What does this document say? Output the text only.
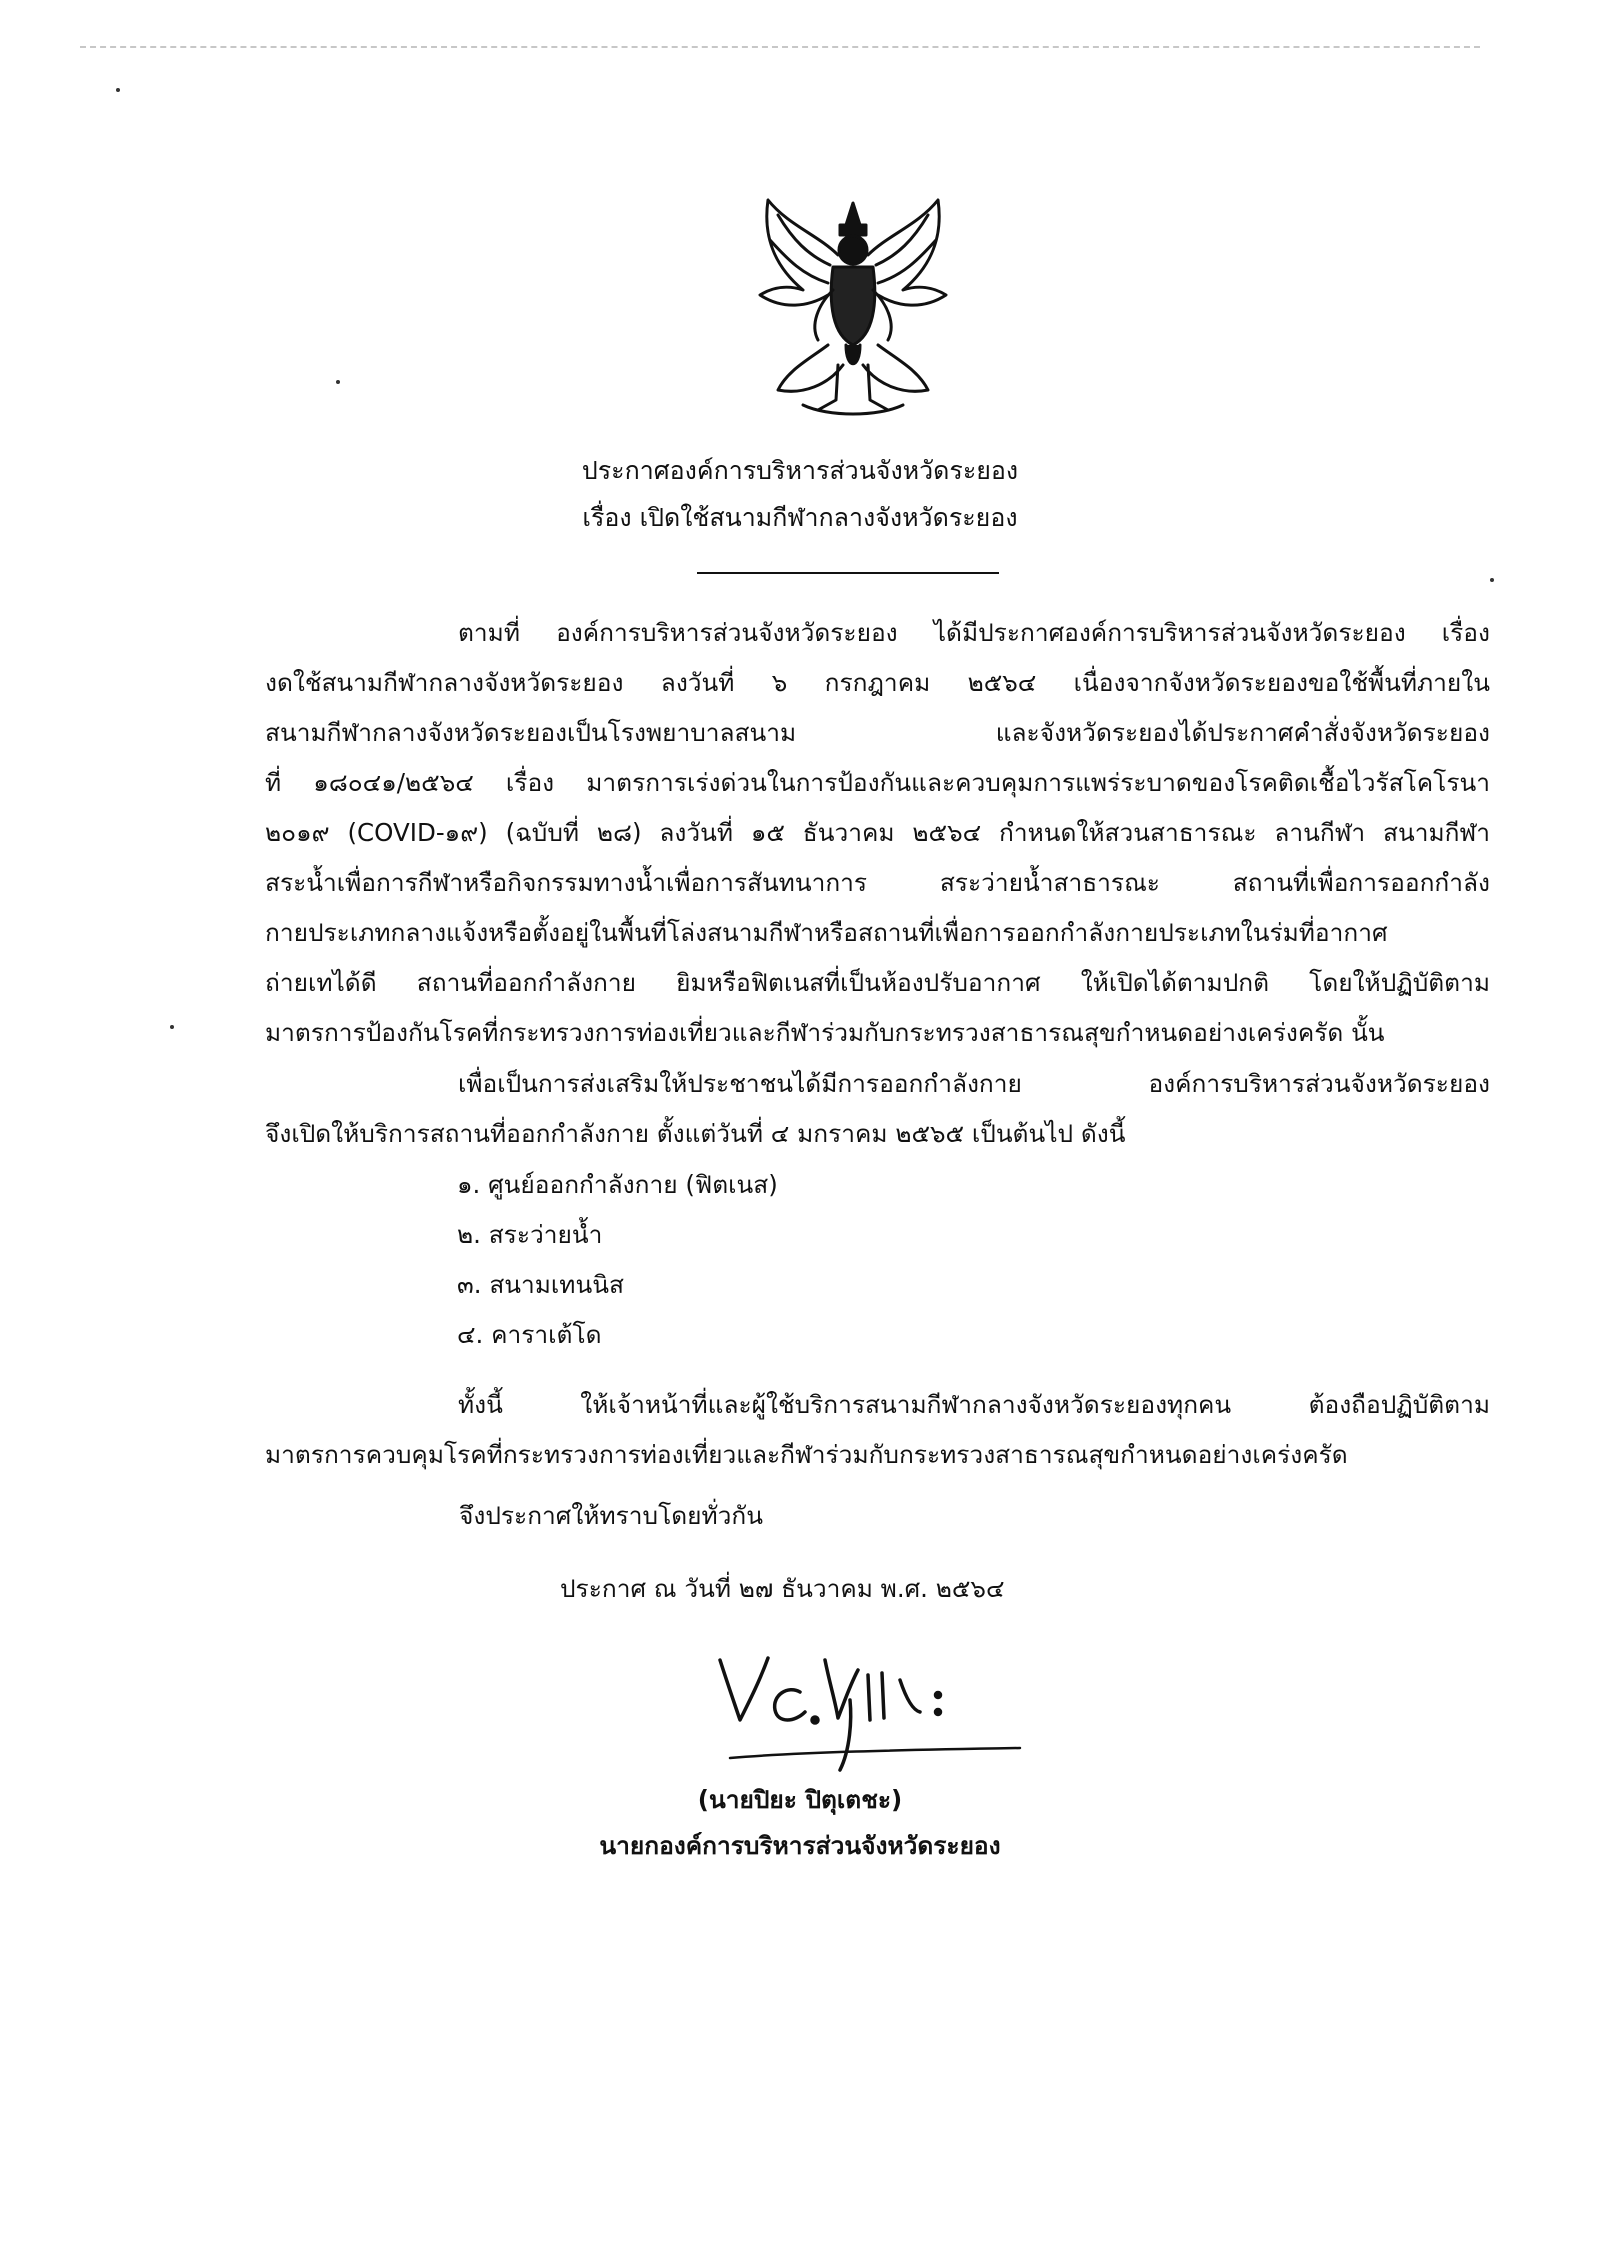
ประกาศองค์การบริหารส่วนจังหวัดระยอง
เรื่อง เปิดใช้สนามกีฬากลางจังหวัดระยอง
ตามที่ องค์การบริหารส่วนจังหวัดระยอง ได้มีประกาศองค์การบริหารส่วนจังหวัดระยอง เรื่อง
งดใช้สนามกีฬากลางจังหวัดระยอง ลงวันที่ ๖ กรกฎาคม ๒๕๖๔ เนื่องจากจังหวัดระยองขอใช้พื้นที่ภายใน
สนามกีฬากลางจังหวัดระยองเป็นโรงพยาบาลสนาม และจังหวัดระยองได้ประกาศคำสั่งจังหวัดระยอง
ที่ ๑๘๐๔๑/๒๕๖๔ เรื่อง มาตรการเร่งด่วนในการป้องกันและควบคุมการแพร่ระบาดของโรคติดเชื้อไวรัสโคโรนา
๒๐๑๙ (COVID-๑๙) (ฉบับที่ ๒๘) ลงวันที่ ๑๕ ธันวาคม ๒๕๖๔ กำหนดให้สวนสาธารณะ ลานกีฬา สนามกีฬา
สระน้ำเพื่อการกีฬาหรือกิจกรรมทางน้ำเพื่อการสันทนาการ สระว่ายน้ำสาธารณะ สถานที่เพื่อการออกกำลัง
กายประเภทกลางแจ้งหรือตั้งอยู่ในพื้นที่โล่งสนามกีฬาหรือสถานที่เพื่อการออกกำลังกายประเภทในร่มที่อากาศ
ถ่ายเทได้ดี สถานที่ออกกำลังกาย ยิมหรือฟิตเนสที่เป็นห้องปรับอากาศ ให้เปิดได้ตามปกติ โดยให้ปฏิบัติตาม
มาตรการป้องกันโรคที่กระทรวงการท่องเที่ยวและกีฬาร่วมกับกระทรวงสาธารณสุขกำหนดอย่างเคร่งครัด นั้น
เพื่อเป็นการส่งเสริมให้ประชาชนได้มีการออกกำลังกาย องค์การบริหารส่วนจังหวัดระยอง
จึงเปิดให้บริการสถานที่ออกกำลังกาย ตั้งแต่วันที่ ๔ มกราคม ๒๕๖๕ เป็นต้นไป ดังนี้
๑. ศูนย์ออกกำลังกาย (ฟิตเนส)
๒. สระว่ายน้ำ
๓. สนามเทนนิส
๔. คาราเต้โด
ทั้งนี้ ให้เจ้าหน้าที่และผู้ใช้บริการสนามกีฬากลางจังหวัดระยองทุกคน ต้องถือปฏิบัติตาม
มาตรการควบคุมโรคที่กระทรวงการท่องเที่ยวและกีฬาร่วมกับกระทรวงสาธารณสุขกำหนดอย่างเคร่งครัด
จึงประกาศให้ทราบโดยทั่วกัน
ประกาศ ณ วันที่ ๒๗ ธันวาคม พ.ศ. ๒๕๖๔
(นายปิยะ ปิตุเตชะ)
นายกองค์การบริหารส่วนจังหวัดระยอง
